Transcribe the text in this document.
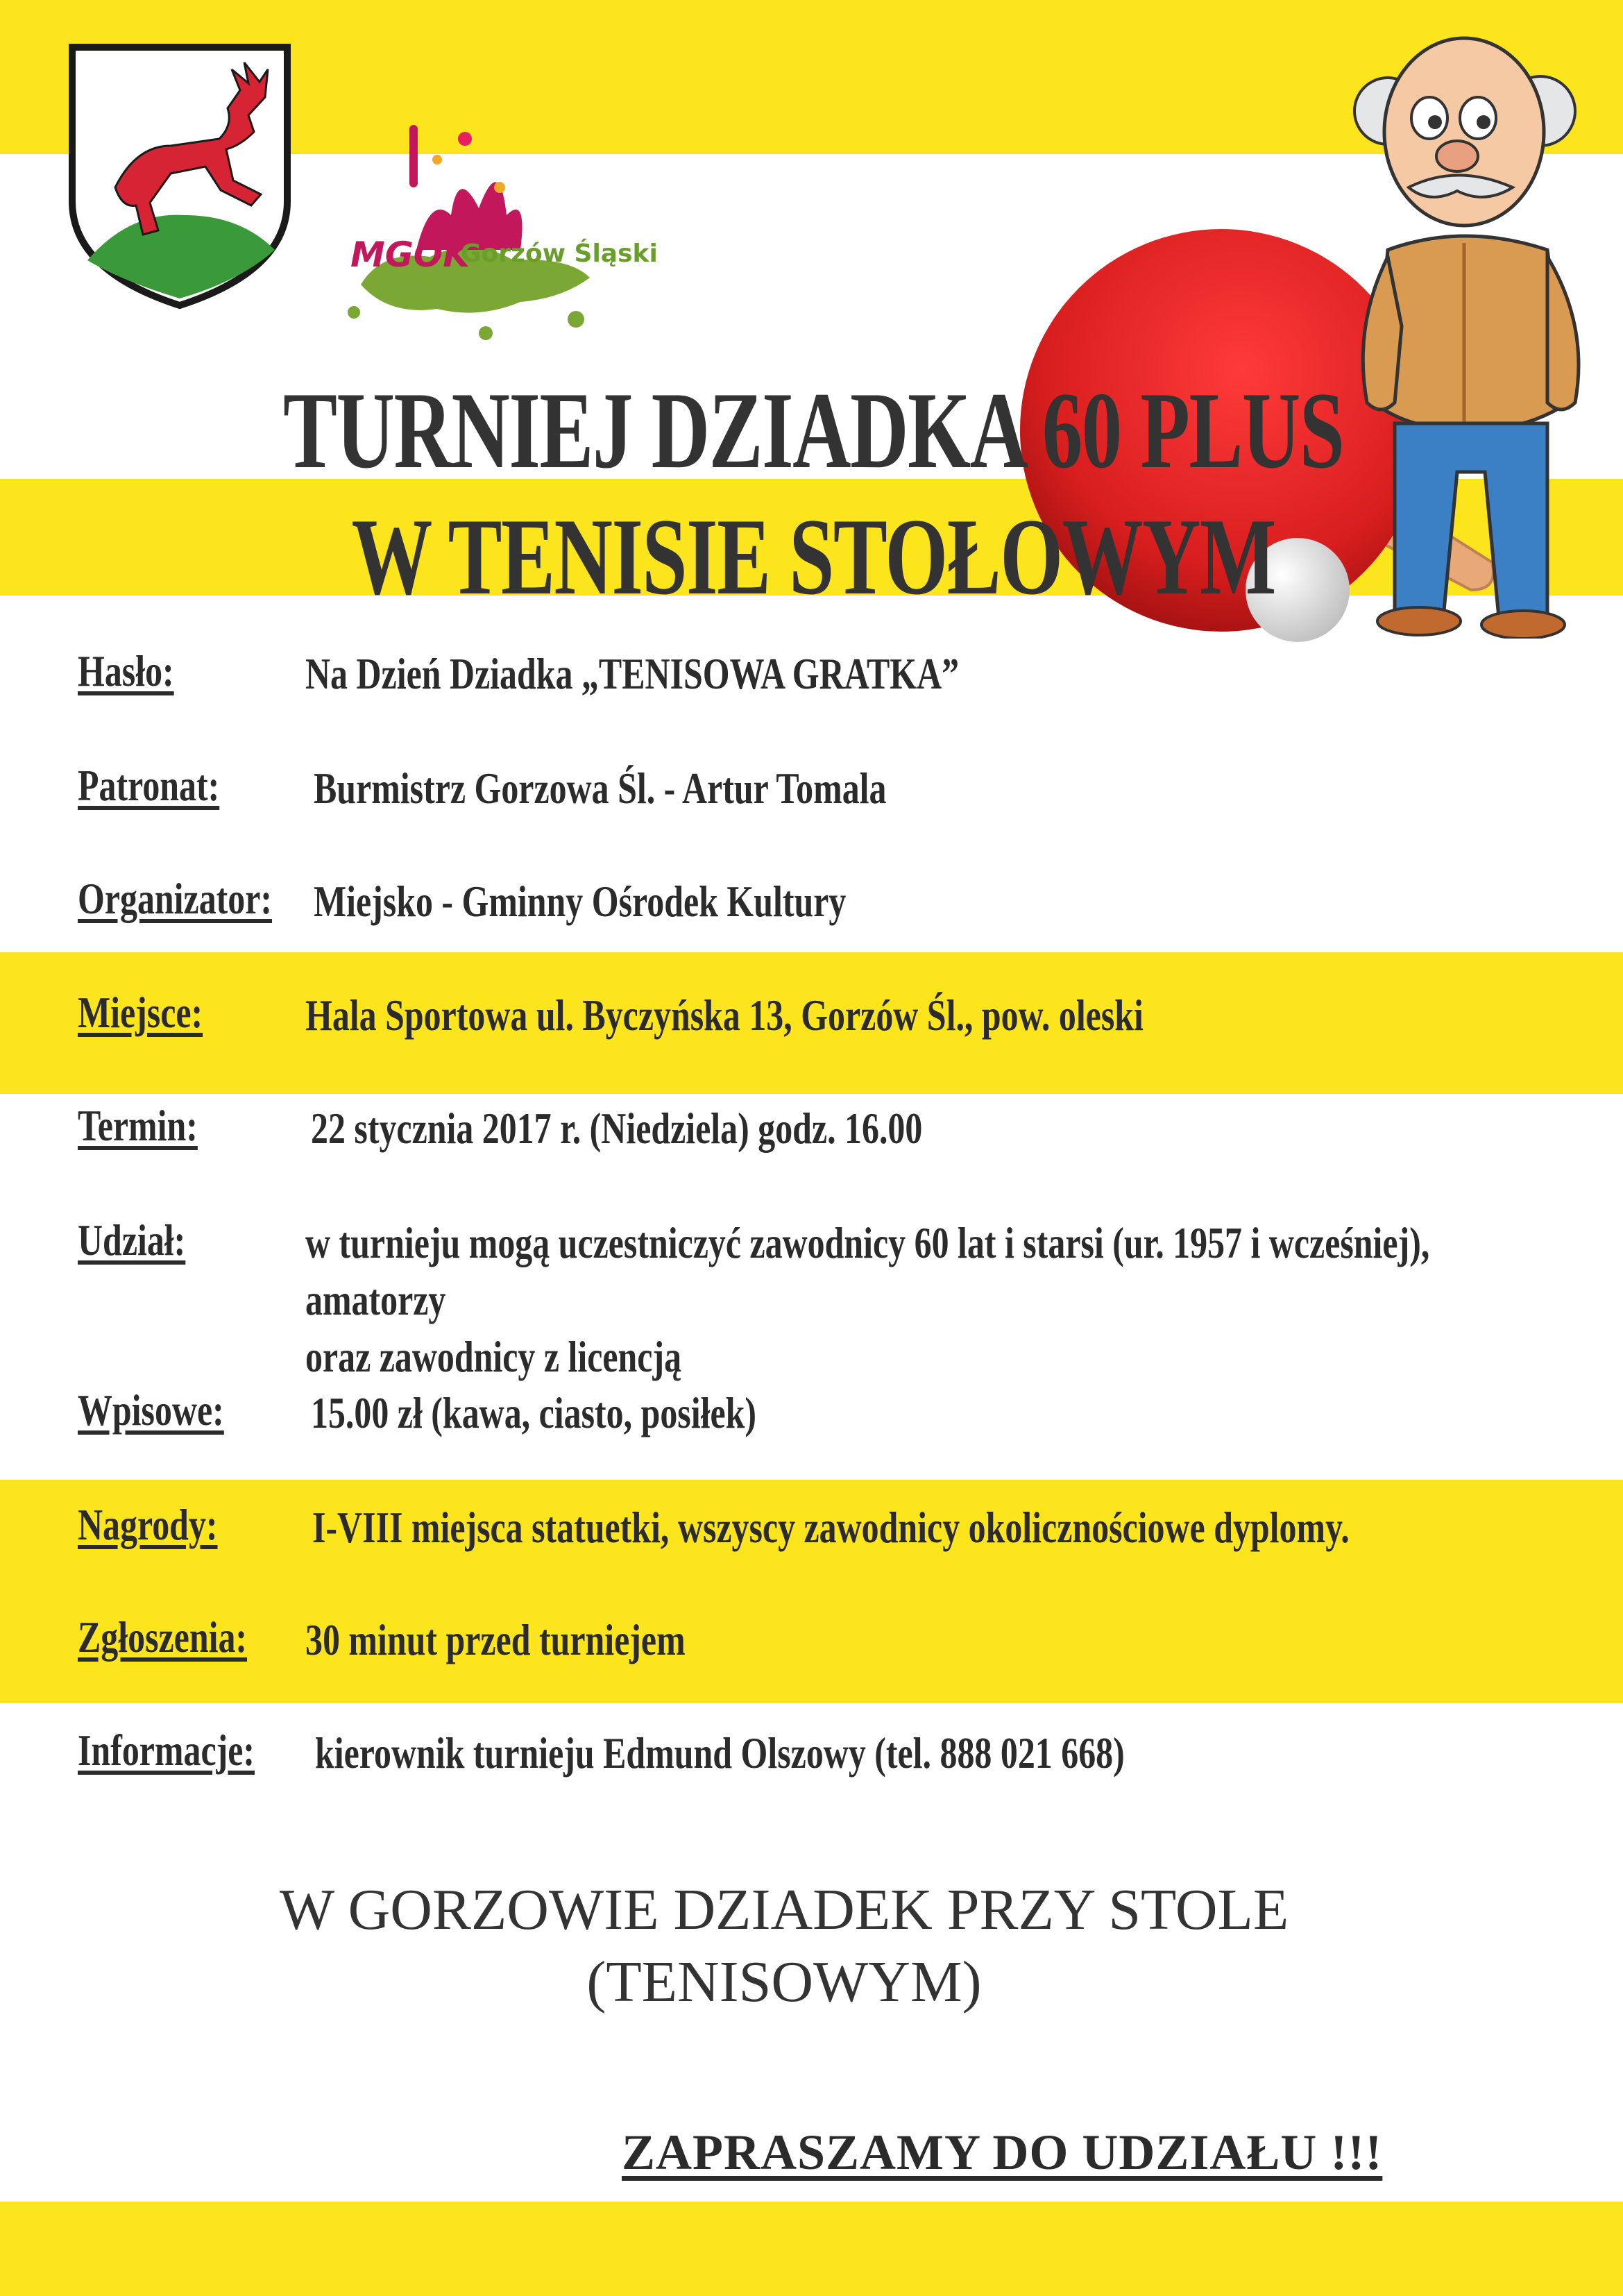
MGOK
Gorzów Śląski
TURNIEJ DZIADKA 60 PLUS
W TENISIE STOŁOWYM
Hasło:	Na Dzień Dziadka „TENISOWA GRATKA”
Patronat: Burmistrz Gorzowa Śl. - Artur Tomala
Organizator: Miejsko - Gminny Ośrodek Kultury
Miejsce: Hala Sportowa ul. Byczyńska 13, Gorzów Śl., pow. oleski
Termin:	22 stycznia 2017 r. (Niedziela) godz. 16.00
Udział:	w turnieju mogą uczestniczyć zawodnicy 60 lat i starsi (ur. 1957 i wcześniej), amatorzy
oraz zawodnicy z licencją
Wpisowe: 15.00 zł (kawa, ciasto, posiłek)
Nagrody: I-VIII miejsca statuetki, wszyscy zawodnicy okolicznościowe dyplomy.
Zgłoszenia: 30 minut przed turniejem
Informacje: kierownik turnieju Edmund Olszowy (tel. 888 021 668)
W GORZOWIE DZIADEK PRZY STOLE
(TENISOWYM)
ZAPRASZAMY DO UDZIAŁU !!!
